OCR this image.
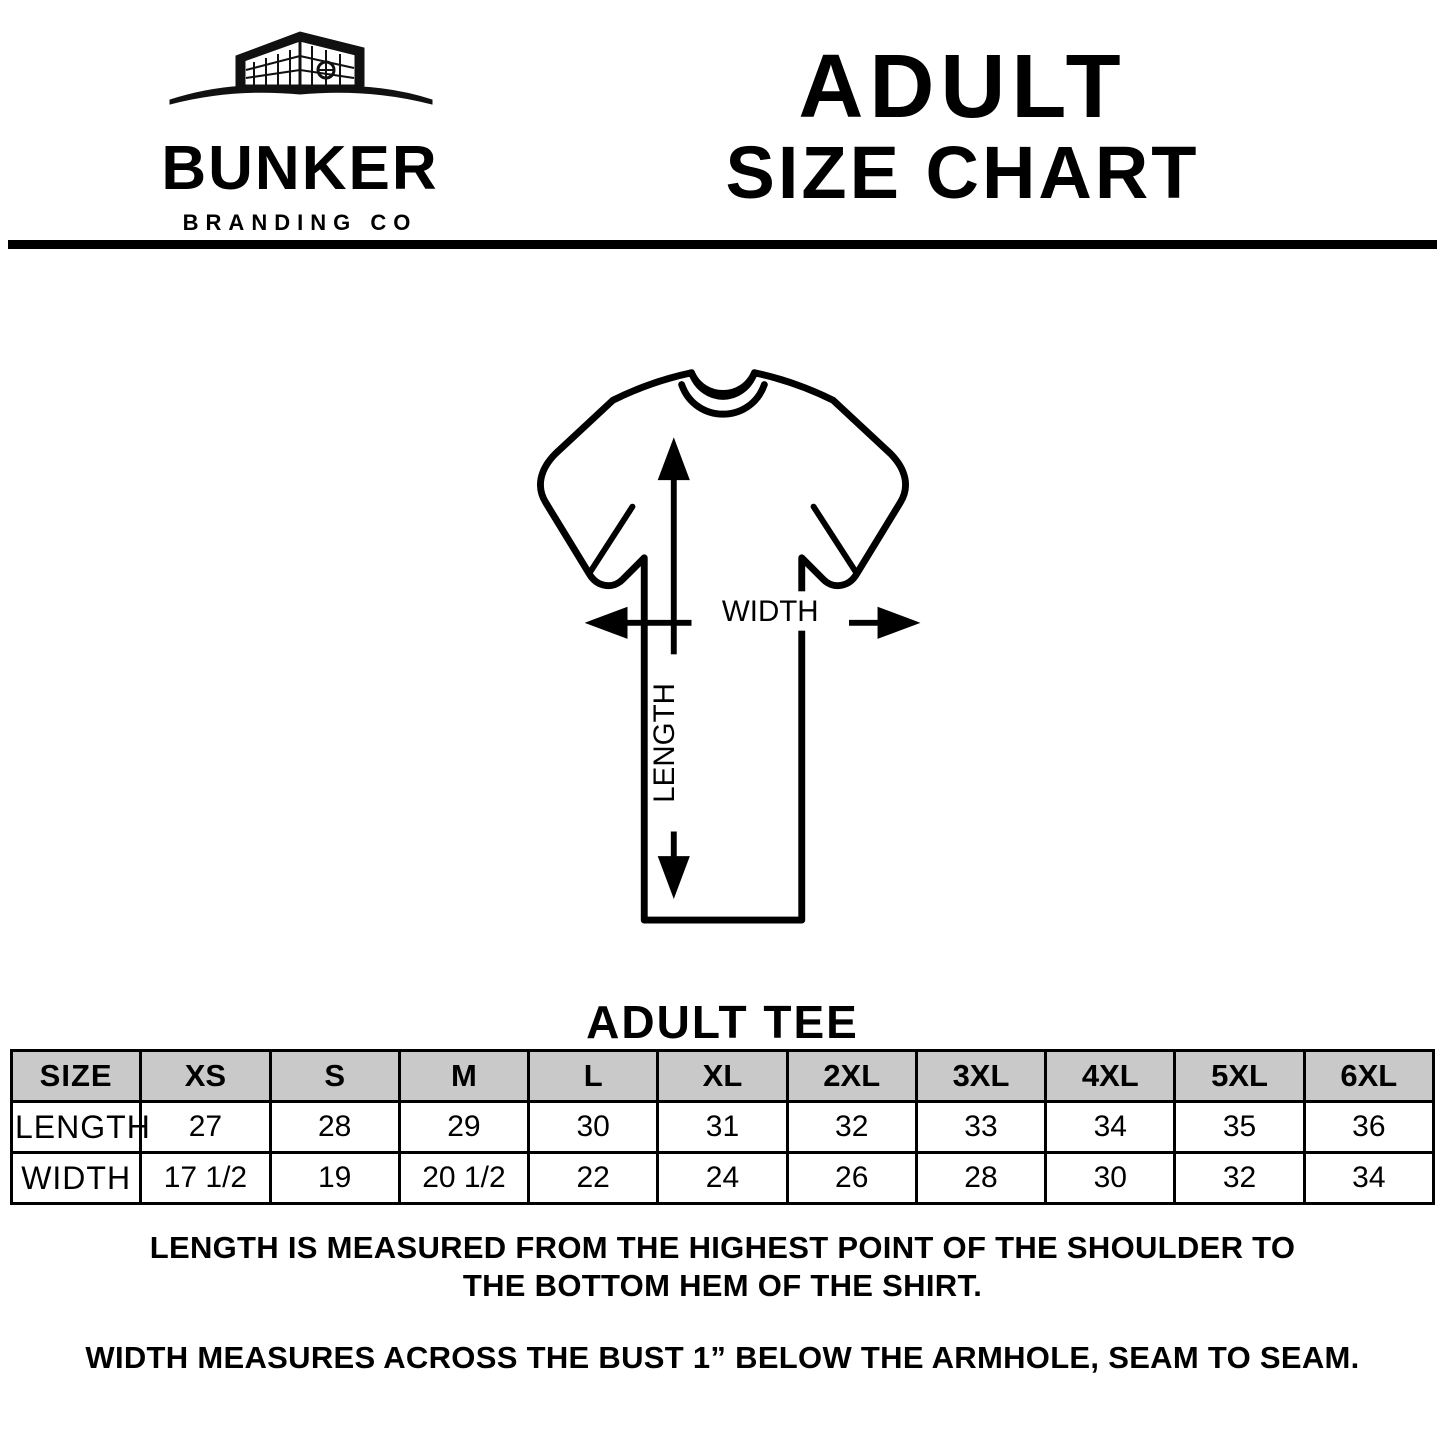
BUNKER
BRANDING CO
ADULT
SIZE CHART
WIDTH
LENGTH
ADULT TEE
SIZE	XS	S	M	L	XL	2XL	3XL	4XL	5XL	6XL
LENGTH	27	28	29	30	31	32	33	34	35	36
WIDTH	17 1/2	19	20 1/2	22	24	26	28	30	32	34
LENGTH IS MEASURED FROM THE HIGHEST POINT OF THE SHOULDER TO
THE BOTTOM HEM OF THE SHIRT.
WIDTH MEASURES ACROSS THE BUST 1” BELOW THE ARMHOLE, SEAM TO SEAM.
